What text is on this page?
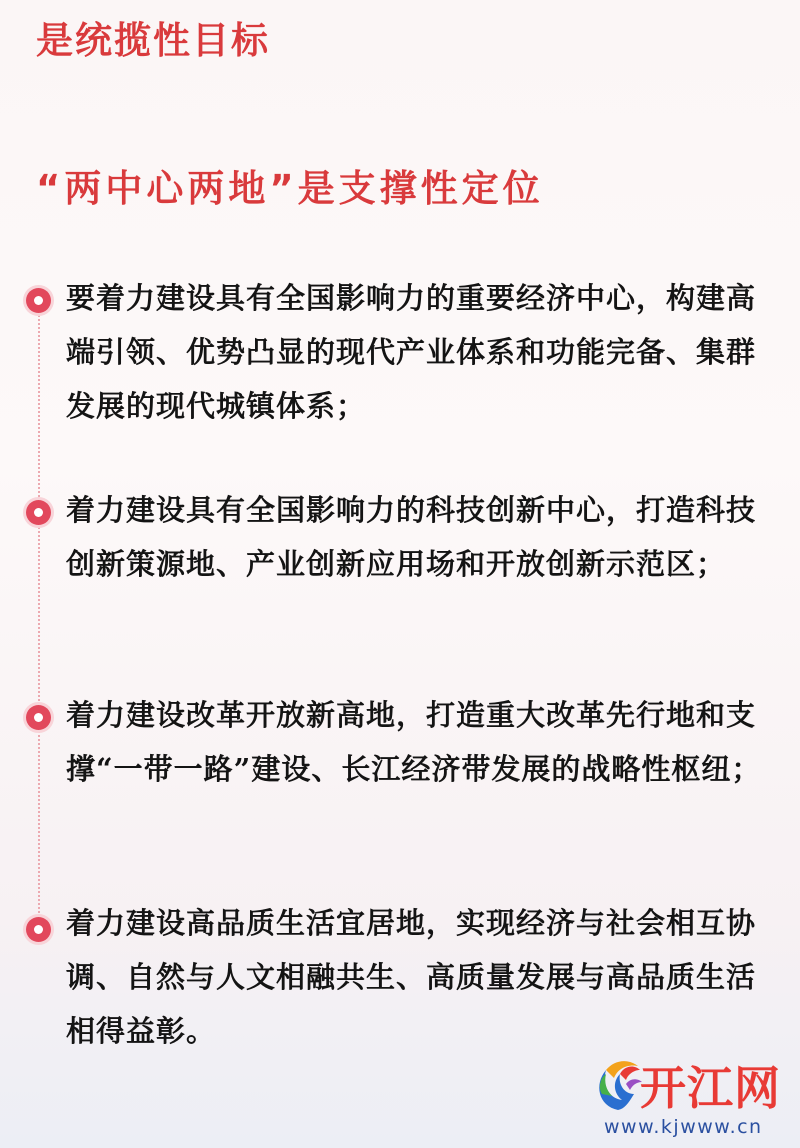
是统揽性目标
“两中心两地”是支撑性定位

要着力建设具有全国影响力的重要经济中心，构建高端引领、优势凸显的现代产业体系和功能完备、集群发展的现代城镇体系；

着力建设具有全国影响力的科技创新中心，打造科技创新策源地、产业创新应用场和开放创新示范区；

着力建设改革开放新高地，打造重大改革先行地和支撑“一带一路”建设、长江经济带发展的战略性枢纽；

着力建设高品质生活宜居地，实现经济与社会相互协调、自然与人文相融共生、高质量发展与高品质生活相得益彰。

开江网
www.kjwww.cn
